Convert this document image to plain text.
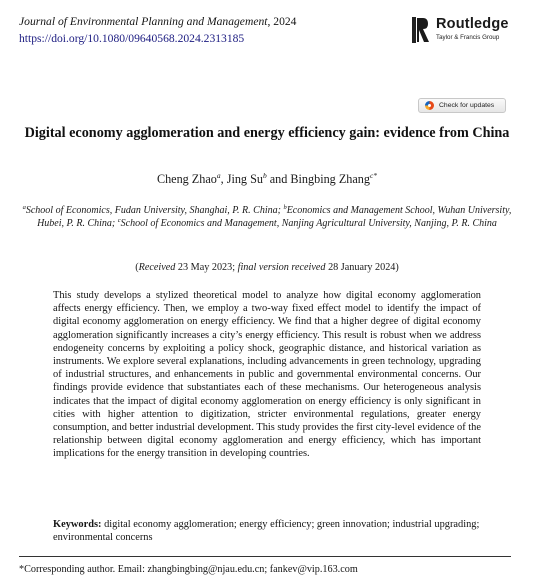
Journal of Environmental Planning and Management, 2024
https://doi.org/10.1080/09640568.2024.2313185
Routledge
Taylor & Francis Group
Check for updates
Digital economy agglomeration and energy efficiency gain: evidence from China
Cheng Zhao$^a$, Jing Su$^b$ and Bingbing Zhang$^{c*}$
$^a$School of Economics, Fudan University, Shanghai, P. R. China; $^b$Economics and Management School, Wuhan University, Hubei, P. R. China; $^c$School of Economics and Management, Nanjing Agricultural University, Nanjing, P. R. China
(Received 23 May 2023; final version received 28 January 2024)

This study develops a stylized theoretical model to analyze how digital economy agglomeration affects energy efficiency. Then, we employ a two-way fixed effect model to identify the impact of digital economy agglomeration on energy efficiency. We find that a higher degree of digital economy agglomeration significantly increases a city’s energy efficiency. This result is robust when we address endogeneity concerns by exploiting a policy shock, geographic distance, and historical variation as instruments. We explore several explanations, including advancements in green technology, upgrading of industrial structures, and enhancements in public and governmental environmental concerns. Our findings provide evidence that substantiates each of these mechanisms. Our heterogeneous analysis indicates that the impact of digital economy agglomeration on energy efficiency is only significant in cities with higher attention to digitization, stricter environmental regulations, greater energy consumption, and better industrial development. This study provides the first city-level evidence of the relationship between digital economy agglomeration and energy efficiency, which has important implications for the energy transition in developing countries.

Keywords: digital economy agglomeration; energy efficiency; green innovation; industrial upgrading; environmental concerns
*Corresponding author. Email: zhangbingbing@njau.edu.cn; fankev@vip.163.com
